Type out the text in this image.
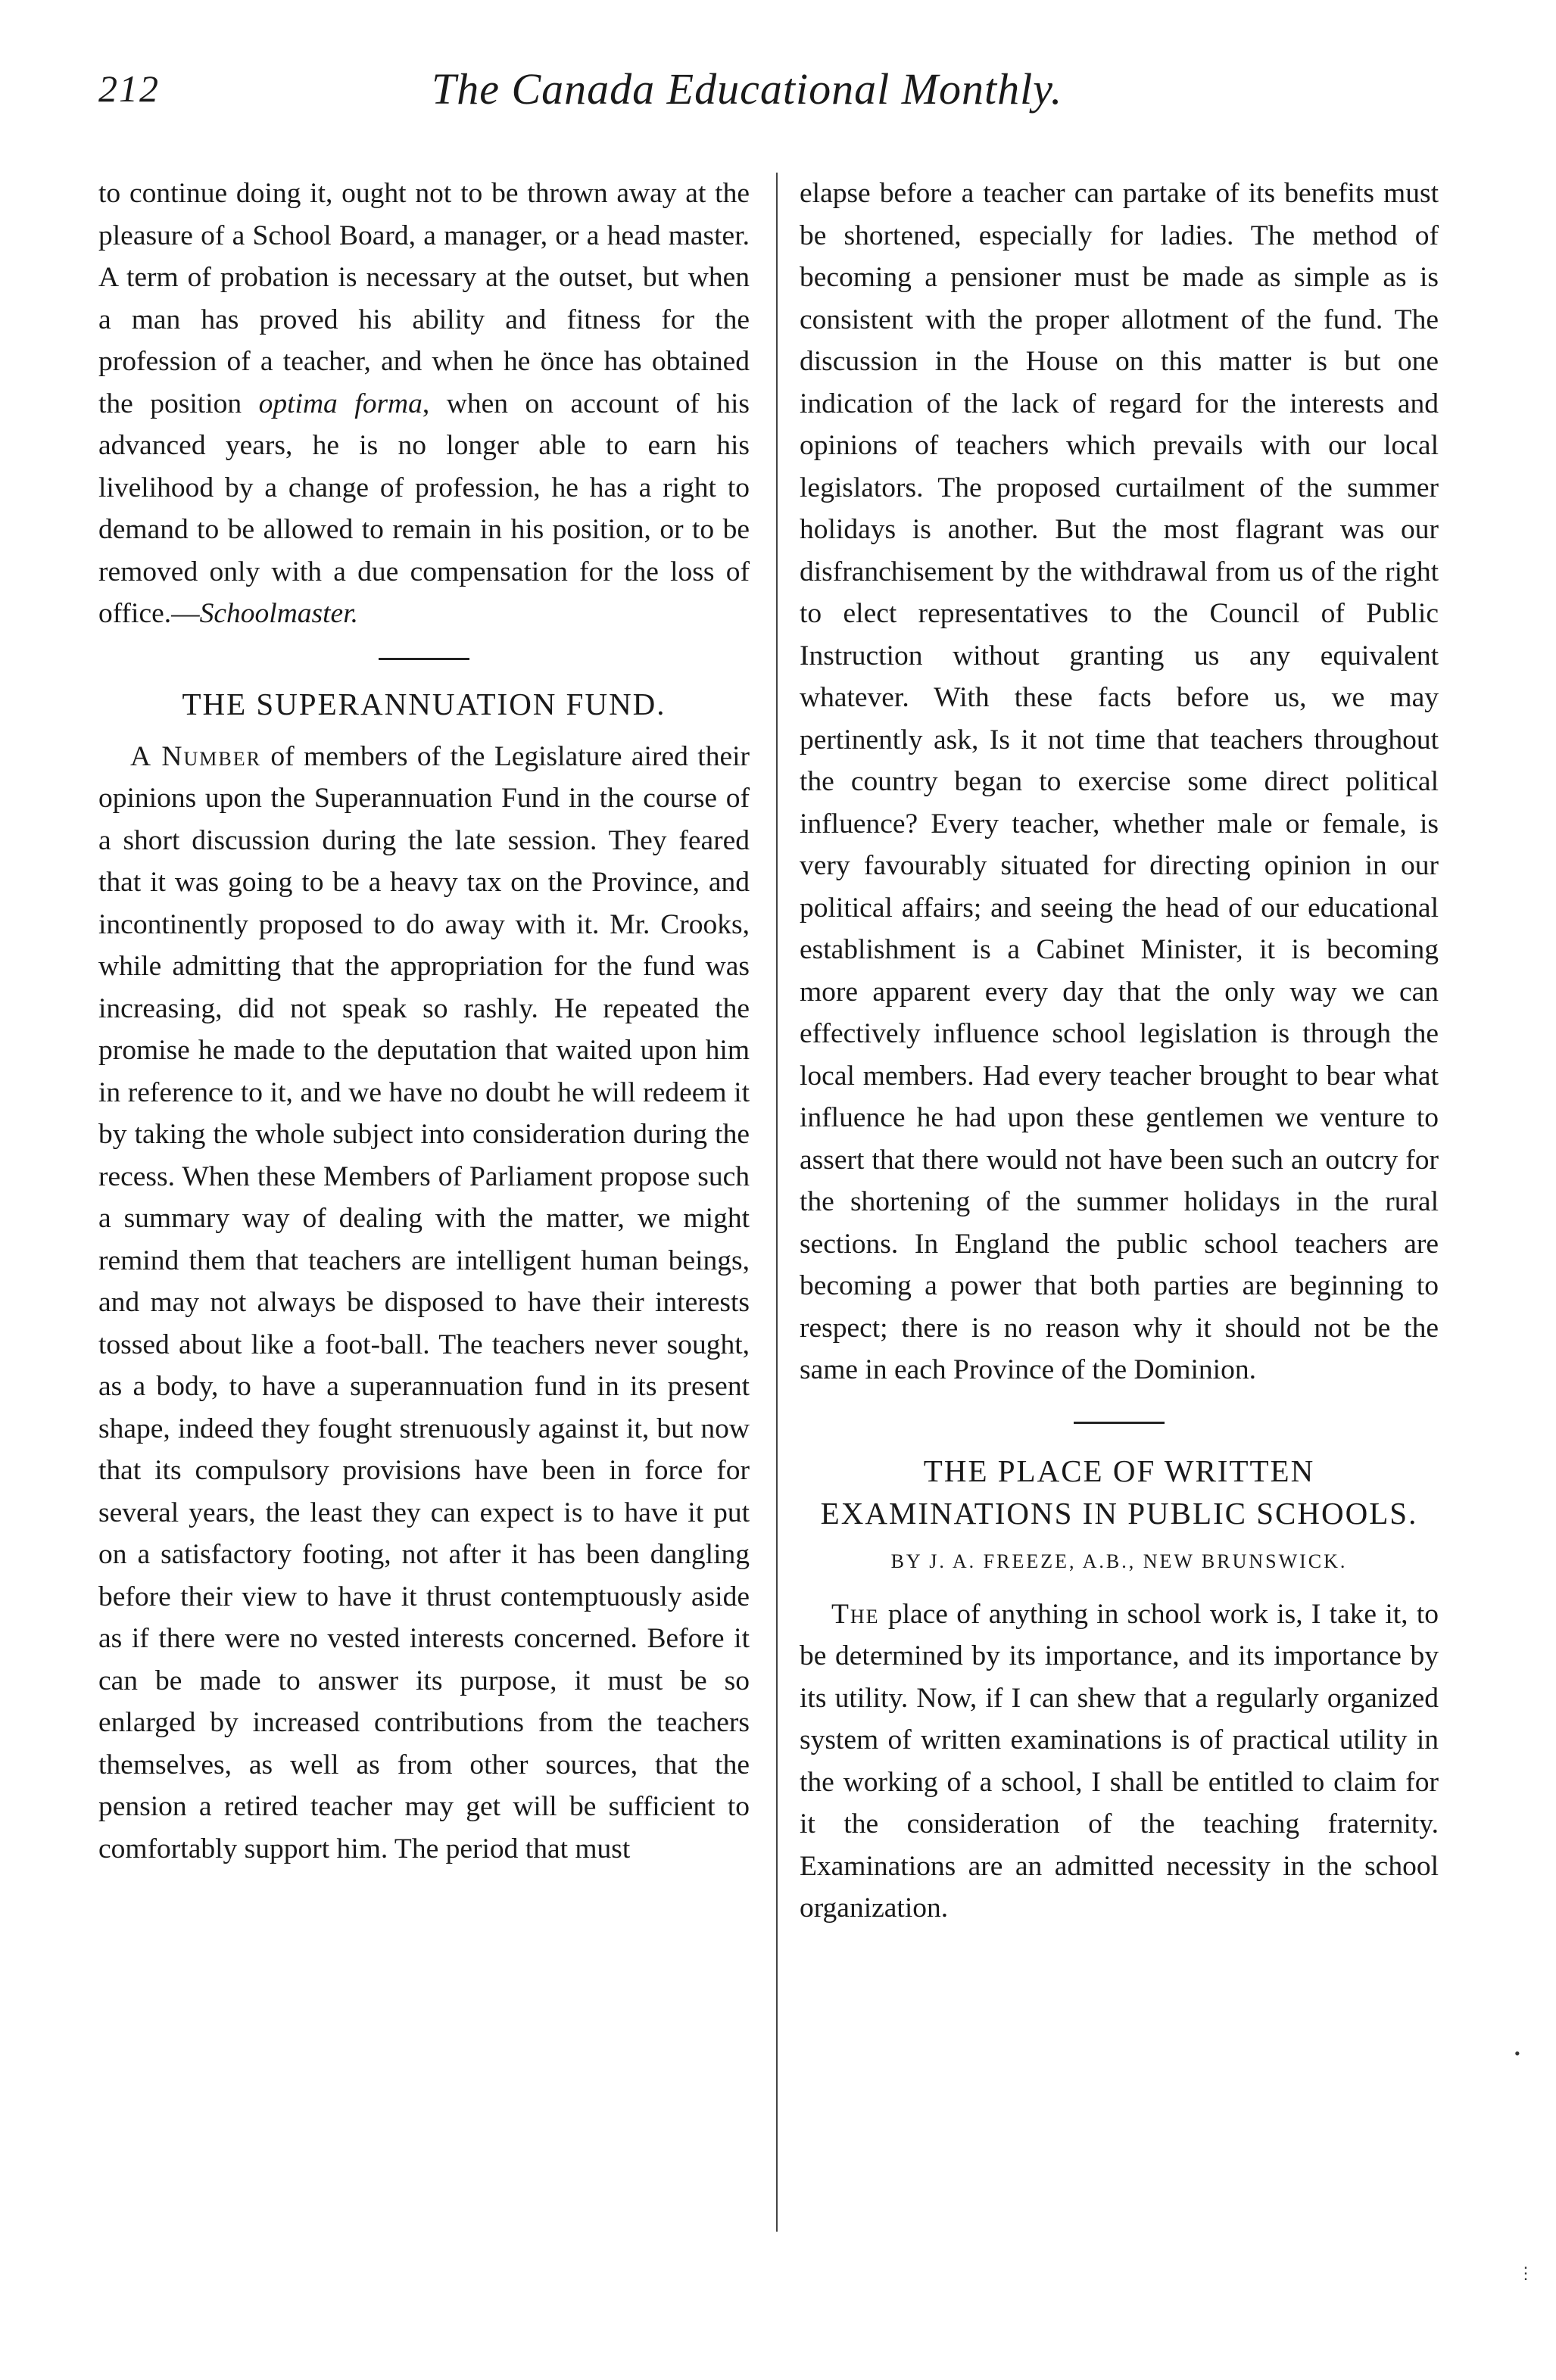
212	The Canada Educational Monthly.

to continue doing it, ought not to be thrown away at the pleasure of a School Board, a manager, or a head master. A term of probation is necessary at the outset, but when a man has proved his ability and fitness for the profession of a teacher, and when he önce has obtained the position optima forma, when on account of his advanced years, he is no longer able to earn his livelihood by a change of profession, he has a right to demand to be allowed to remain in his position, or to be removed only with a due compensation for the loss of office.—Schoolmaster.

THE SUPERANNUATION FUND.

A Number of members of the Legislature aired their opinions upon the Superannuation Fund in the course of a short discussion during the late session. They feared that it was going to be a heavy tax on the Province, and incontinently proposed to do away with it. Mr. Crooks, while admitting that the appropriation for the fund was increasing, did not speak so rashly. He repeated the promise he made to the deputation that waited upon him in reference to it, and we have no doubt he will redeem it by taking the whole subject into consideration during the recess. When these Members of Parliament propose such a summary way of dealing with the matter, we might remind them that teachers are intelligent human beings, and may not always be disposed to have their interests tossed about like a foot-ball. The teachers never sought, as a body, to have a superannuation fund in its present shape, indeed they fought strenuously against it, but now that its compulsory provisions have been in force for several years, the least they can expect is to have it put on a satisfactory footing, not after it has been dangling before their view to have it thrust contemptuously aside as if there were no vested interests concerned. Before it can be made to answer its purpose, it must be so enlarged by increased contributions from the teachers themselves, as well as from other sources, that the pension a retired teacher may get will be sufficient to comfortably support him. The period that must

elapse before a teacher can partake of its benefits must be shortened, especially for ladies. The method of becoming a pensioner must be made as simple as is consistent with the proper allotment of the fund. The discussion in the House on this matter is but one indication of the lack of regard for the interests and opinions of teachers which prevails with our local legislators. The proposed curtailment of the summer holidays is another. But the most flagrant was our disfranchisement by the withdrawal from us of the right to elect representatives to the Council of Public Instruction without granting us any equivalent whatever. With these facts before us, we may pertinently ask, Is it not time that teachers throughout the country began to exercise some direct political influence? Every teacher, whether male or female, is very favourably situated for directing opinion in our political affairs; and seeing the head of our educational establishment is a Cabinet Minister, it is becoming more apparent every day that the only way we can effectively influence school legislation is through the local members. Had every teacher brought to bear what influence he had upon these gentlemen we venture to assert that there would not have been such an outcry for the shortening of the summer holidays in the rural sections. In England the public school teachers are becoming a power that both parties are beginning to respect; there is no reason why it should not be the same in each Province of the Dominion.

THE PLACE OF WRITTEN EXAMINATIONS IN PUBLIC SCHOOLS.
BY J. A. FREEZE, A.B., NEW BRUNSWICK.

The place of anything in school work is, I take it, to be determined by its importance, and its importance by its utility. Now, if I can shew that a regularly organized system of written examinations is of practical utility in the working of a school, I shall be entitled to claim for it the consideration of the teaching fraternity. Examinations are an admitted necessity in the school organization.

•
⋮
